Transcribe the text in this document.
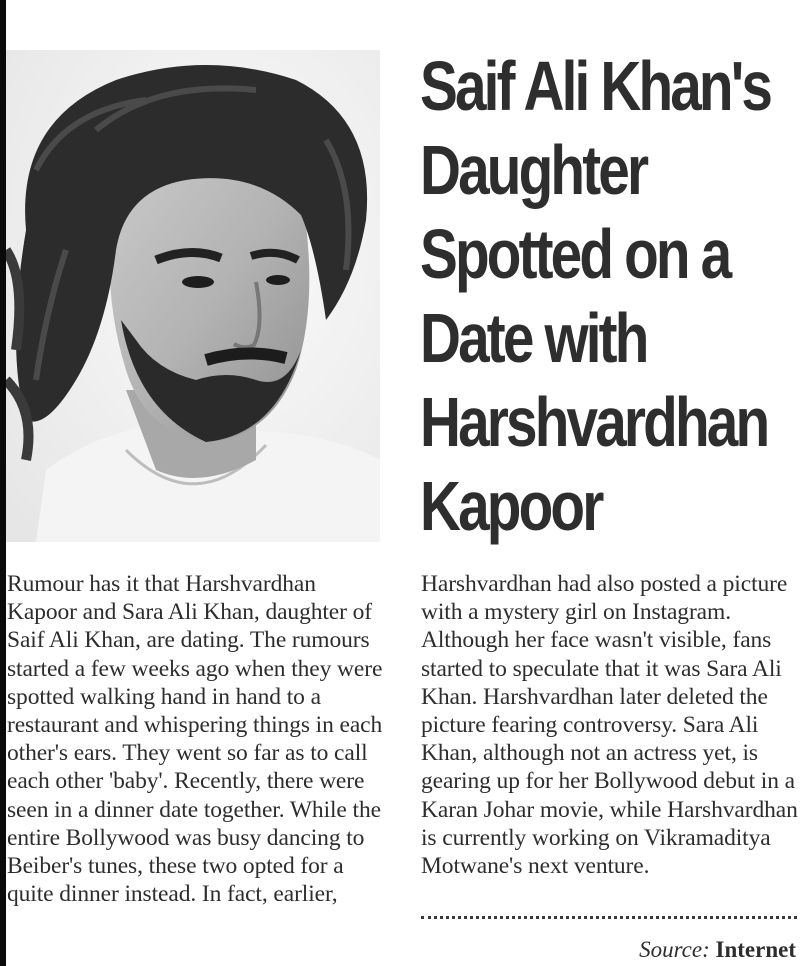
Saif Ali Khan's Daughter Spotted on a Date with Harshvardhan Kapoor

Rumour has it that Harshvardhan Kapoor and Sara Ali Khan, daughter of Saif Ali Khan, are dating. The rumours started a few weeks ago when they were spotted walking hand in hand to a restaurant and whispering things in each other's ears. They went so far as to call each other 'baby'. Recently, there were seen in a dinner date together. While the entire Bollywood was busy dancing to Beiber's tunes, these two opted for a quite dinner instead. In fact, earlier,

Harshvardhan had also posted a picture with a mystery girl on Instagram. Although her face wasn't visible, fans started to speculate that it was Sara Ali Khan. Harshvardhan later deleted the picture fearing controversy. Sara Ali Khan, although not an actress yet, is gearing up for her Bollywood debut in a Karan Johar movie, while Harshvardhan is currently working on Vikramaditya Motwane's next venture.

Source: Internet
